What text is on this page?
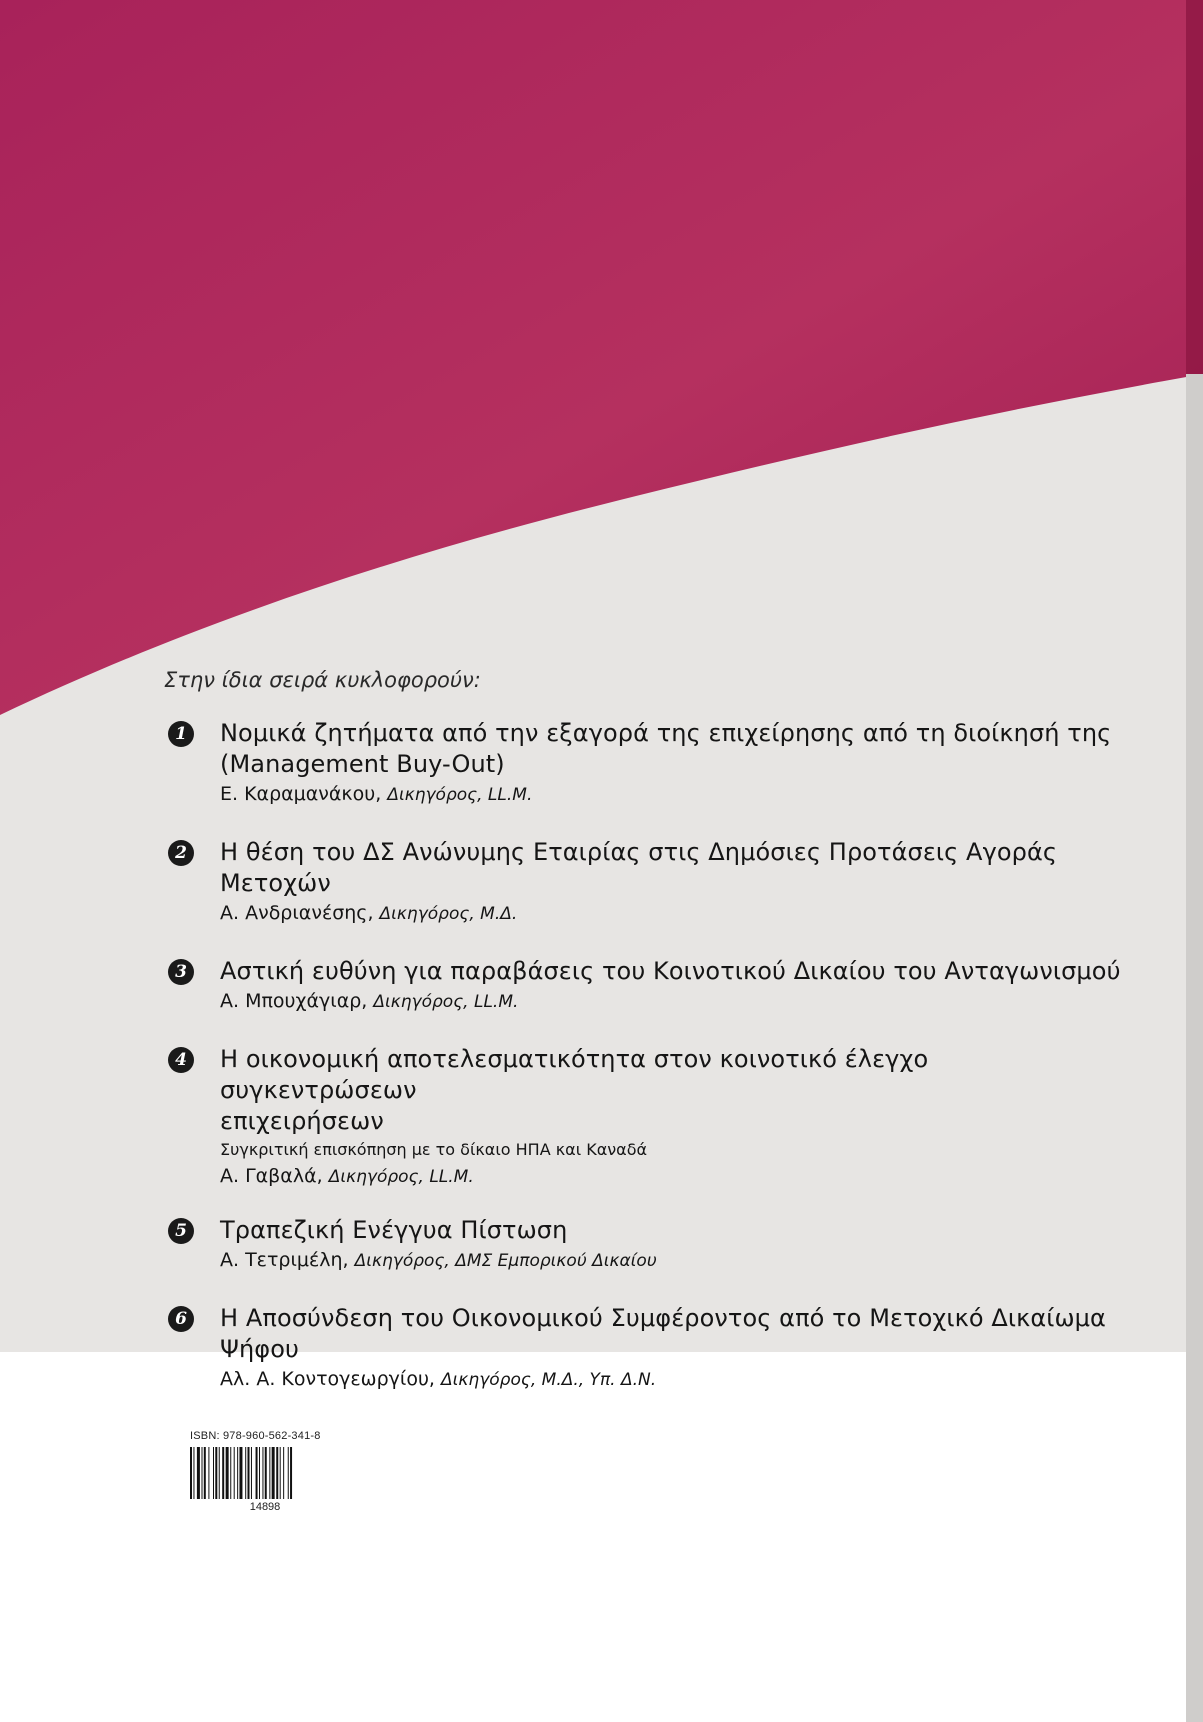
Στην ίδια σειρά κυκλοφορούν:
1 Νομικά ζητήματα από την εξαγορά της επιχείρησης από τη διοίκησή της
(Management Buy-Out)
Ε. Καραμανάκου, Δικηγόρος, LL.M.
2 Η θέση του ΔΣ Ανώνυμης Εταιρίας στις Δημόσιες Προτάσεις Αγοράς Μετοχών
Α. Ανδριανέσης, Δικηγόρος, Μ.Δ.
3 Αστική ευθύνη για παραβάσεις του Κοινοτικού Δικαίου του Ανταγωνισμού
Α. Μπουχάγιαρ, Δικηγόρος, LL.M.
4 Η οικονομική αποτελεσματικότητα στον κοινοτικό έλεγχο συγκεντρώσεων
επιχειρήσεων
Συγκριτική επισκόπηση με το δίκαιο ΗΠΑ και Καναδά
Α. Γαβαλά, Δικηγόρος, LL.M.
5 Τραπεζική Ενέγγυα Πίστωση
Α. Τετριμέλη, Δικηγόρος, ΔΜΣ Εμπορικού Δικαίου
6 Η Αποσύνδεση του Οικονομικού Συμφέροντος από το Μετοχικό Δικαίωμα Ψήφου
Αλ. Α. Κοντογεωργίου, Δικηγόρος, Μ.Δ., Υπ. Δ.Ν.
ISBN: 978-960-562-341-8
14898
